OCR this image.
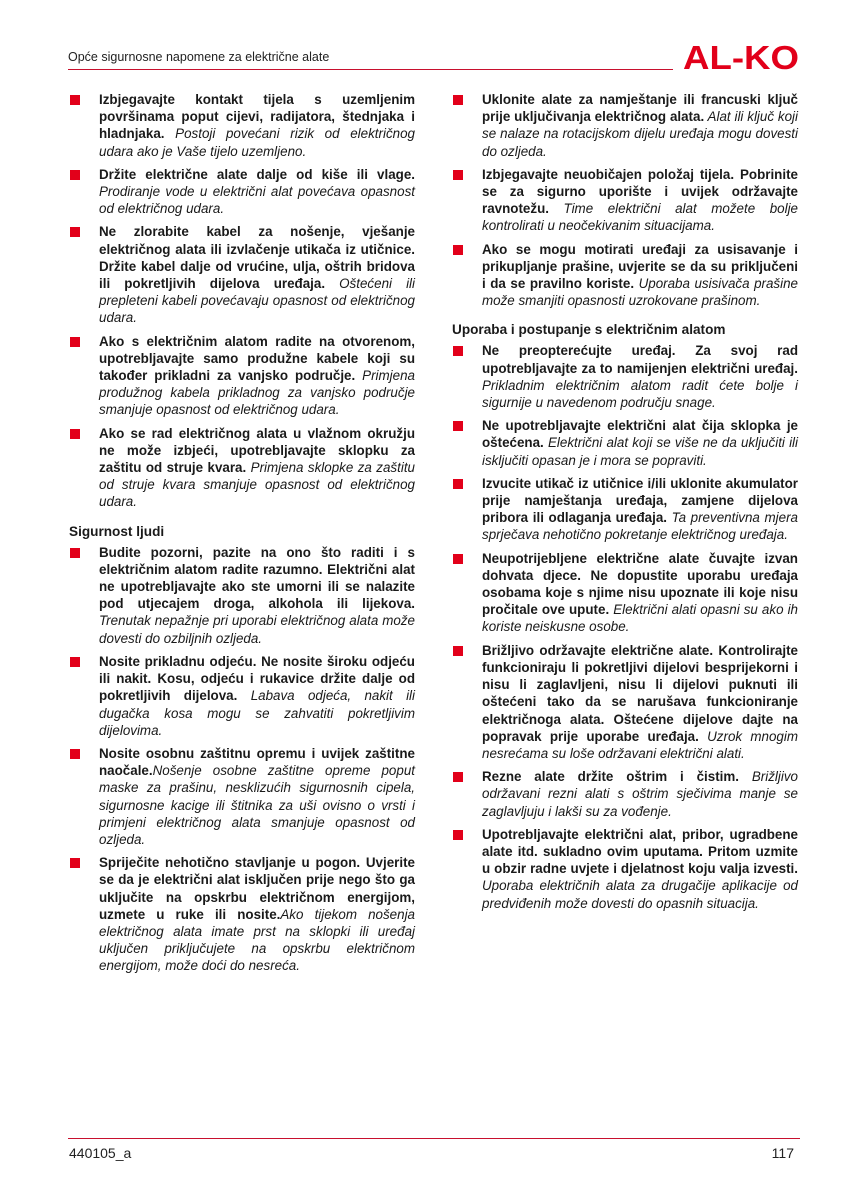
Opće sigurnosne napomene za električne alate	AL-KO
Izbjegavajte kontakt tijela s uzemljenim površinama poput cijevi, radijatora, štednjaka i hladnjaka. Postoji povećani rizik od električnog udara ako je Vaše tijelo uzemljeno.
Držite električne alate dalje od kiše ili vlage. Prodiranje vode u električni alat povećava opasnost od električnog udara.
Ne zlorabite kabel za nošenje, vješanje električnog alata ili izvlačenje utikača iz utičnice. Držite kabel dalje od vrućine, ulja, oštrih bridova ili pokretljivih dijelova uređaja. Oštećeni ili prepleteni kabeli povećavaju opasnost od električnog udara.
Ako s električnim alatom radite na otvorenom, upotrebljavajte samo produžne kabele koji su također prikladni za vanjsko područje. Primjena produžnog kabela prikladnog za vanjsko područje smanjuje opasnost od električnog udara.
Ako se rad električnog alata u vlažnom okružju ne može izbjeći, upotrebljavajte sklopku za zaštitu od struje kvara. Primjena sklopke za zaštitu od struje kvara smanjuje opasnost od električnog udara.
Sigurnost ljudi
Budite pozorni, pazite na ono što raditi i s električnim alatom radite razumno. Električni alat ne upotrebljavajte ako ste umorni ili se nalazite pod utjecajem droga, alkohola ili lijekova. Trenutak nepažnje pri uporabi električnog alata može dovesti do ozbiljnih ozljeda.
Nosite prikladnu odjeću. Ne nosite široku odjeću ili nakit. Kosu, odjeću i rukavice držite dalje od pokretljivih dijelova. Labava odjeća, nakit ili dugačka kosa mogu se zahvatiti pokretljivim dijelovima.
Nosite osobnu zaštitnu opremu i uvijek zaštitne naočale.Nošenje osobne zaštitne opreme poput maske za prašinu, nesklizućih sigurnosnih cipela, sigurnosne kacige ili štitnika za uši ovisno o vrsti i primjeni električnog alata smanjuje opasnost od ozljeda.
Spriječite nehotično stavljanje u pogon. Uvjerite se da je električni alat isključen prije nego što ga uključite na opskrbu električnom energijom, uzmete u ruke ili nosite.Ako tijekom nošenja električnog alata imate prst na sklopki ili uređaj uključen priključujete na opskrbu električnom energijom, može doći do nesreća.
Uklonite alate za namještanje ili francuski ključ prije uključivanja električnog alata. Alat ili ključ koji se nalaze na rotacijskom dijelu uređaja mogu dovesti do ozljeda.
Izbjegavajte neuobičajen položaj tijela. Pobrinite se za sigurno uporište i uvijek održavajte ravnotežu. Time električni alat možete bolje kontrolirati u neočekivanim situacijama.
Ako se mogu motirati uređaji za usisavanje i prikupljanje prašine, uvjerite se da su priključeni i da se pravilno koriste. Uporaba usisivača prašine može smanjiti opasnosti uzrokovane prašinom.
Uporaba i postupanje s električnim alatom
Ne preopterećujte uređaj. Za svoj rad upotrebljavajte za to namijenjen električni uređaj. Prikladnim električnim alatom radit ćete bolje i sigurnije u navedenom području snage.
Ne upotrebljavajte električni alat čija sklopka je oštećena. Električni alat koji se više ne da uključiti ili isključiti opasan je i mora se popraviti.
Izvucite utikač iz utičnice i/ili uklonite akumulator prije namještanja uređaja, zamjene dijelova pribora ili odlaganja uređaja. Ta preventivna mjera sprječava nehotično pokretanje električnog uređaja.
Neupotrijebljene električne alate čuvajte izvan dohvata djece. Ne dopustite uporabu uređaja osobama koje s njime nisu upoznate ili koje nisu pročitale ove upute. Električni alati opasni su ako ih koriste neiskusne osobe.
Brižljivo održavajte električne alate. Kontrolirajte funkcioniraju li pokretljivi dijelovi besprijekorni i nisu li zaglavljeni, nisu li dijelovi puknuti ili oštećeni tako da se narušava funkcioniranje električnoga alata. Oštećene dijelove dajte na popravak prije uporabe uređaja. Uzrok mnogim nesrećama su loše održavani električni alati.
Rezne alate držite oštrim i čistim. Brižljivo održavani rezni alati s oštrim sječivima manje se zaglavljuju i lakši su za vođenje.
Upotrebljavajte električni alat, pribor, ugradbene alate itd. sukladno ovim uputama. Pritom uzmite u obzir radne uvjete i djelatnost koju valja izvesti. Uporaba električnih alata za drugačije aplikacije od predviđenih može dovesti do opasnih situacija.
440105_a	117
